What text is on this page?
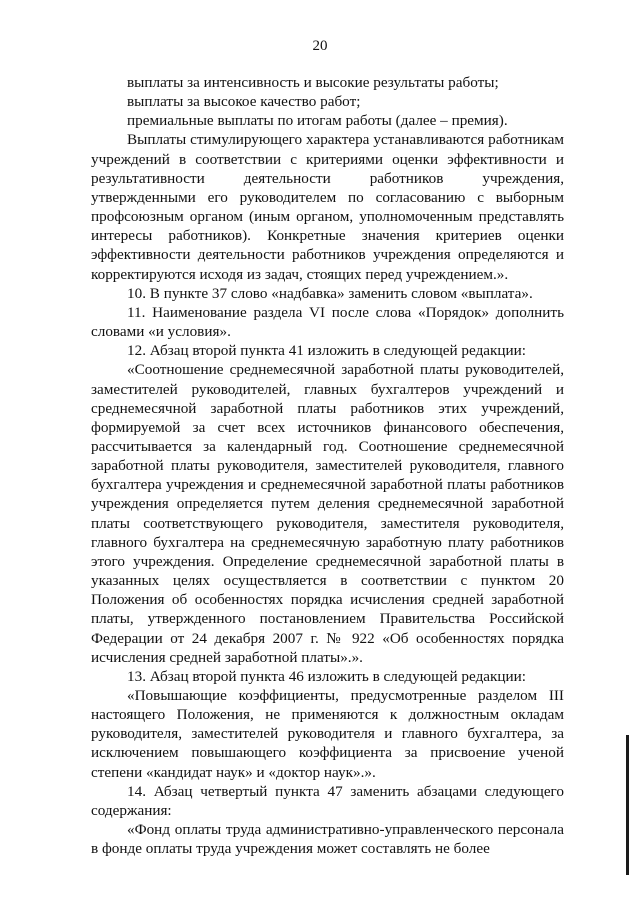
20

выплаты за интенсивность и высокие результаты работы;

выплаты за высокое качество работ;

премиальные выплаты по итогам работы (далее – премия).

Выплаты стимулирующего характера устанавливаются работникам учреждений в соответствии с критериями оценки эффективности и результативности деятельности работников учреждения, утвержденными его руководителем по согласованию с выборным профсоюзным органом (иным органом, уполномоченным представлять интересы работников). Конкретные значения критериев оценки эффективности деятельности работников учреждения определяются и корректируются исходя из задач, стоящих перед учреждением.».

10. В пункте 37 слово «надбавка» заменить словом «выплата».

11. Наименование раздела VI после слова «Порядок» дополнить словами «и условия».

12. Абзац второй пункта 41 изложить в следующей редакции:

«Соотношение среднемесячной заработной платы руководителей, заместителей руководителей, главных бухгалтеров учреждений и среднемесячной заработной платы работников этих учреждений, формируемой за счет всех источников финансового обеспечения, рассчитывается за календарный год. Соотношение среднемесячной заработной платы руководителя, заместителей руководителя, главного бухгалтера учреждения и среднемесячной заработной платы работников учреждения определяется путем деления среднемесячной заработной платы соответствующего руководителя, заместителя руководителя, главного бухгалтера на среднемесячную заработную плату работников этого учреждения. Определение среднемесячной заработной платы в указанных целях осуществляется в соответствии с пунктом 20 Положения об особенностях порядка исчисления средней заработной платы, утвержденного постановлением Правительства Российской Федерации от 24 декабря 2007 г. № 922 «Об особенностях порядка исчисления средней заработной платы».».

13. Абзац второй пункта 46 изложить в следующей редакции:

«Повышающие коэффициенты, предусмотренные разделом III настоящего Положения, не применяются к должностным окладам руководителя, заместителей руководителя и главного бухгалтера, за исключением повышающего коэффициента за присвоение ученой степени «кандидат наук» и «доктор наук».».

14. Абзац четвертый пункта 47 заменить абзацами следующего содержания:

«Фонд оплаты труда административно-управленческого персонала в фонде оплаты труда учреждения может составлять не более
